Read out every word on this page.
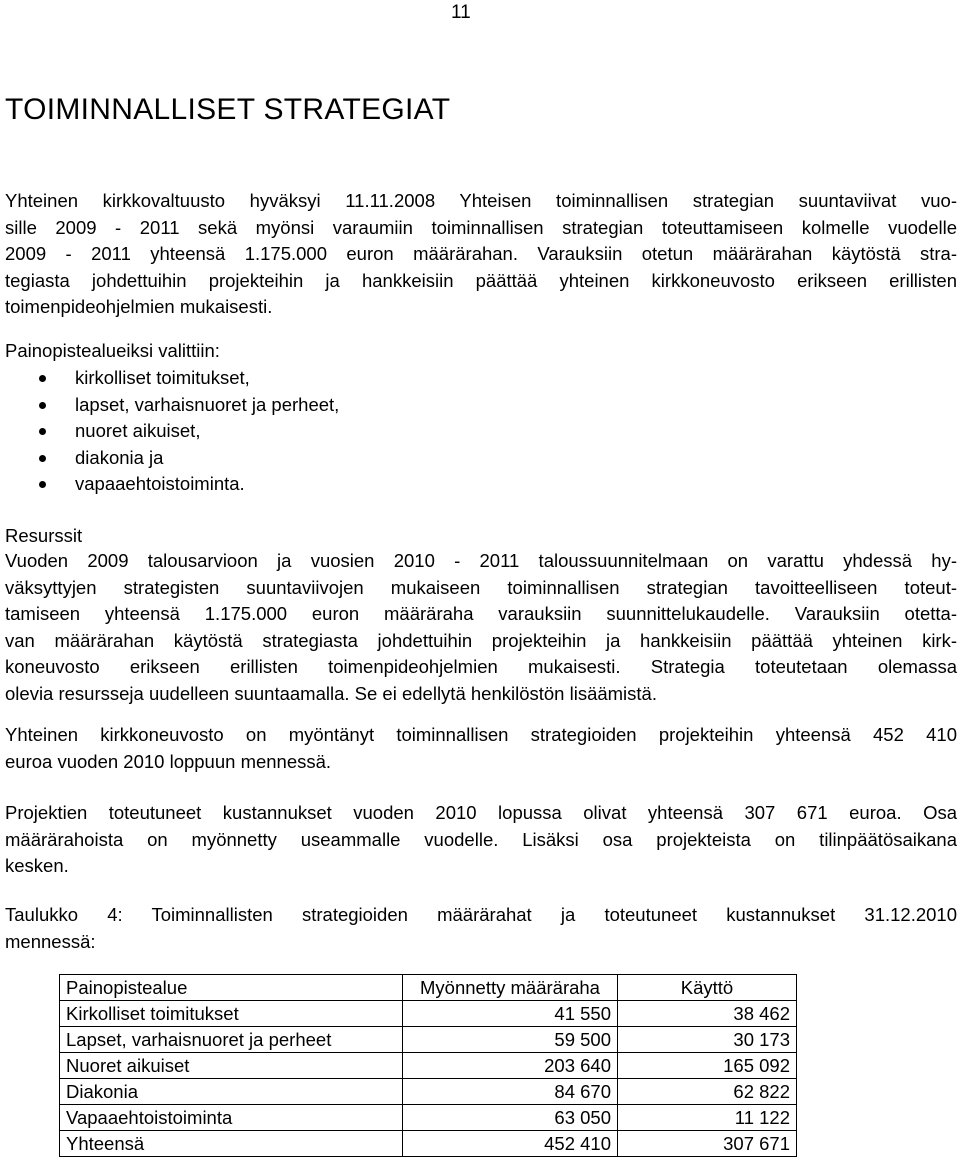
11
TOIMINNALLISET STRATEGIAT

Yhteinen kirkkovaltuusto hyväksyi 11.11.2008 Yhteisen toiminnallisen strategian suuntaviivat vuo-
sille 2009 - 2011 sekä myönsi varaumiin toiminnallisen strategian toteuttamiseen kolmelle vuodelle
2009 - 2011 yhteensä 1.175.000 euron määrärahan. Varauksiin otetun määrärahan käytöstä stra-
tegiasta johdettuihin projekteihin ja hankkeisiin päättää yhteinen kirkkoneuvosto erikseen erillisten
toimenpideohjelmien mukaisesti.

Painopistealueiksi valittiin:

kirkolliset toimitukset,
lapset, varhaisnuoret ja perheet,
nuoret aikuiset,
diakonia ja
vapaaehtoistoiminta.

Resurssit

Vuoden 2009 talousarvioon ja vuosien 2010 - 2011 taloussuunnitelmaan on varattu yhdessä hy-
väksyttyjen strategisten suuntaviivojen mukaiseen toiminnallisen strategian tavoitteelliseen toteut-
tamiseen yhteensä 1.175.000 euron määräraha varauksiin suunnittelukaudelle. Varauksiin otetta-
van määrärahan käytöstä strategiasta johdettuihin projekteihin ja hankkeisiin päättää yhteinen kirk-
koneuvosto erikseen erillisten toimenpideohjelmien mukaisesti. Strategia toteutetaan olemassa
olevia resursseja uudelleen suuntaamalla. Se ei edellytä henkilöstön lisäämistä.

Yhteinen kirkkoneuvosto on myöntänyt toiminnallisen strategioiden projekteihin yhteensä 452 410
euroa vuoden 2010 loppuun mennessä.

Projektien toteutuneet kustannukset vuoden 2010 lopussa olivat yhteensä 307 671 euroa. Osa
määrärahoista on myönnetty useammalle vuodelle. Lisäksi osa projekteista on tilinpäätösaikana
kesken.

Taulukko 4: Toiminnallisten strategioiden määrärahat ja toteutuneet kustannukset 31.12.2010
mennessä:

Painopistealue	Myönnetty määräraha	Käyttö
Kirkolliset toimitukset	41 550	38 462
Lapset, varhaisnuoret ja perheet	59 500	30 173
Nuoret aikuiset	203 640	165 092
Diakonia	84 670	62 822
Vapaaehtoistoiminta	63 050	11 122
Yhteensä	452 410	307 671
